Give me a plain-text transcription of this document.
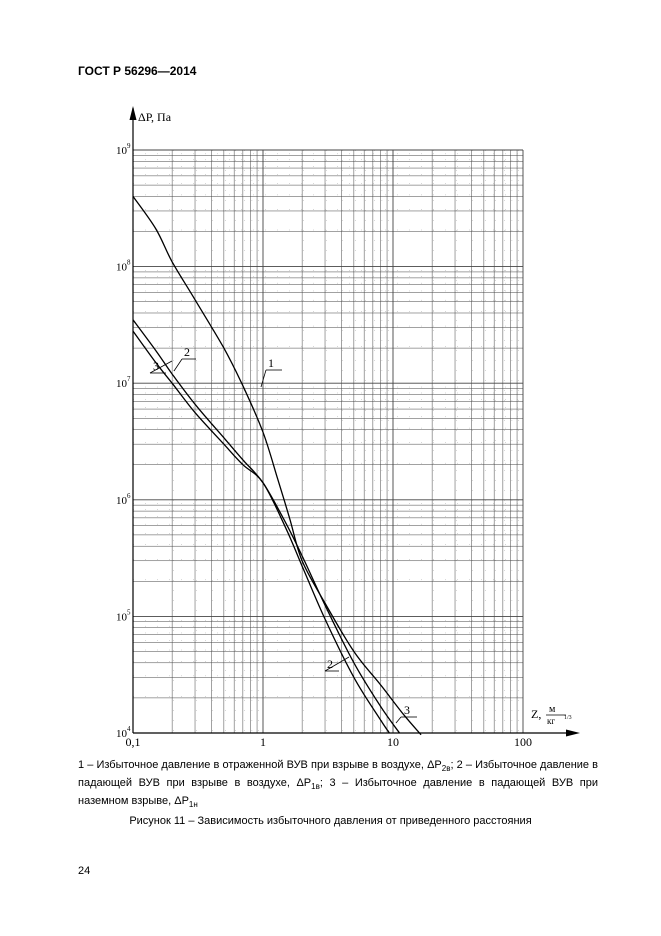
ГОСТ Р 56296—2014
0,1	1	10	100
$10^4$
$10^5$
$10^6$
$10^7$
$10^8$
$10^9$
1
2
2
3
3
ΔP, Па
Z, м
кг 1/3
1 – Избыточное давление в отраженной ВУВ при взрыве в воздухе, $\Delta P_{2в}$; 2 – Избыточное давление в падающей ВУВ при взрыве в воздухе, $\Delta P_{1в}$; 3 – Избыточное давление в падающей ВУВ при наземном взрыве, $\Delta P_{1н}$
Рисунок 11 – Зависимость избыточного давления от приведенного расстояния
24
